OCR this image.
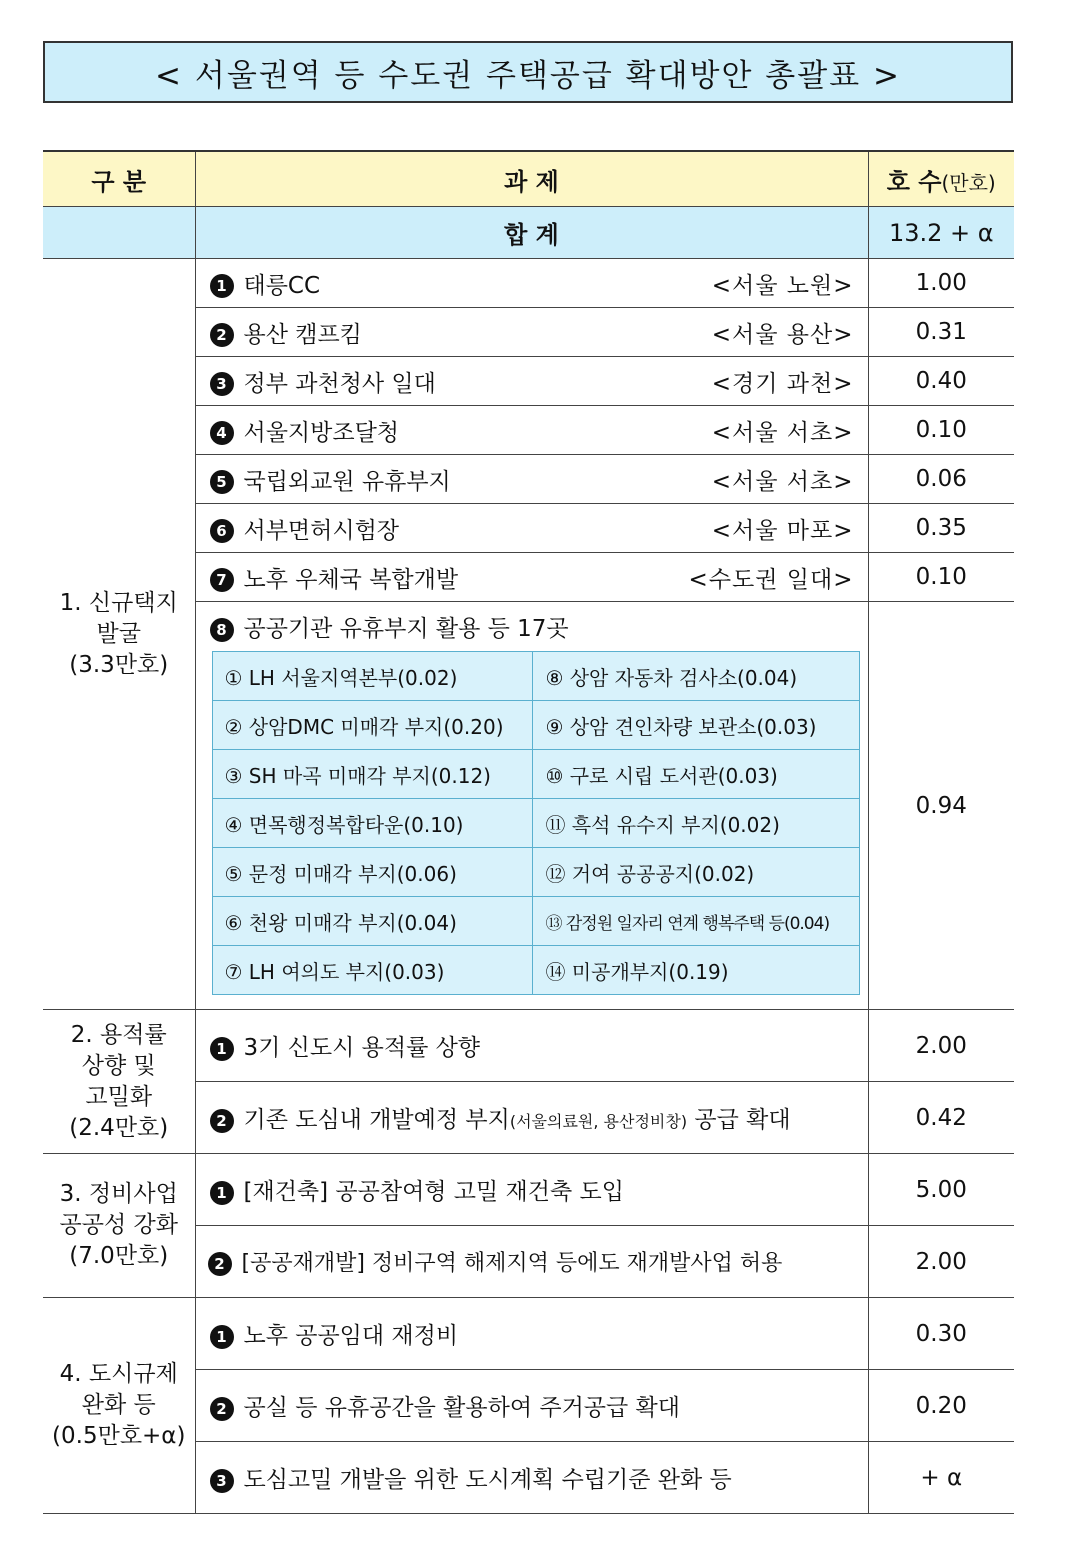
< 서울권역 등 수도권 주택공급 확대방안 총괄표 >
구 분	과 제	호 수(만호)
	합 계	13.2 + α
1. 신규택지
발굴
(3.3만호)	
1 태릉CC	<서울 노원>	1.00

2 용산 캠프킴	<서울 용산>	0.31

3 정부 과천청사 일대	<경기 과천>	0.40

4 서울지방조달청	<서울 서초>	0.10

5 국립외교원 유휴부지	<서울 서초>	0.06

6 서부면허시험장	<서울 마포>	0.35

7 노후 우체국 복합개발	<수도권 일대>	0.10

8 공공기관 유휴부지 활용 등 17곳
① LH 서울지역본부(0.02)	⑧ 상암 자동차 검사소(0.04)
② 상암DMC 미매각 부지(0.20)	⑨ 상암 견인차량 보관소(0.03)
③ SH 마곡 미매각 부지(0.12)	⑩ 구로 시립 도서관(0.03)
④ 면목행정복합타운(0.10)	⑪ 흑석 유수지 부지(0.02)
⑤ 문정 미매각 부지(0.06)	⑫ 거여 공공공지(0.02)
⑥ 천왕 미매각 부지(0.04)	⑬ 감정원 일자리 연계 행복주택 등(0.04)
⑦ LH 여의도 부지(0.03)	⑭ 미공개부지(0.19)
	0.94
2. 용적률
상향 및
고밀화
(2.4만호)	1 3기 신도시 용적률 상향	2.00
2 기존 도심내 개발예정 부지(서울의료원, 용산정비창) 공급 확대	0.42
3. 정비사업
공공성 강화
(7.0만호)	1 [재건축] 공공참여형 고밀 재건축 도입	5.00
2 [공공재개발] 정비구역 해제지역 등에도 재개발사업 허용	2.00
4. 도시규제
완화 등
(0.5만호+α)	1 노후 공공임대 재정비	0.30
2 공실 등 유휴공간을 활용하여 주거공급 확대	0.20
3 도심고밀 개발을 위한 도시계획 수립기준 완화 등	+ α
